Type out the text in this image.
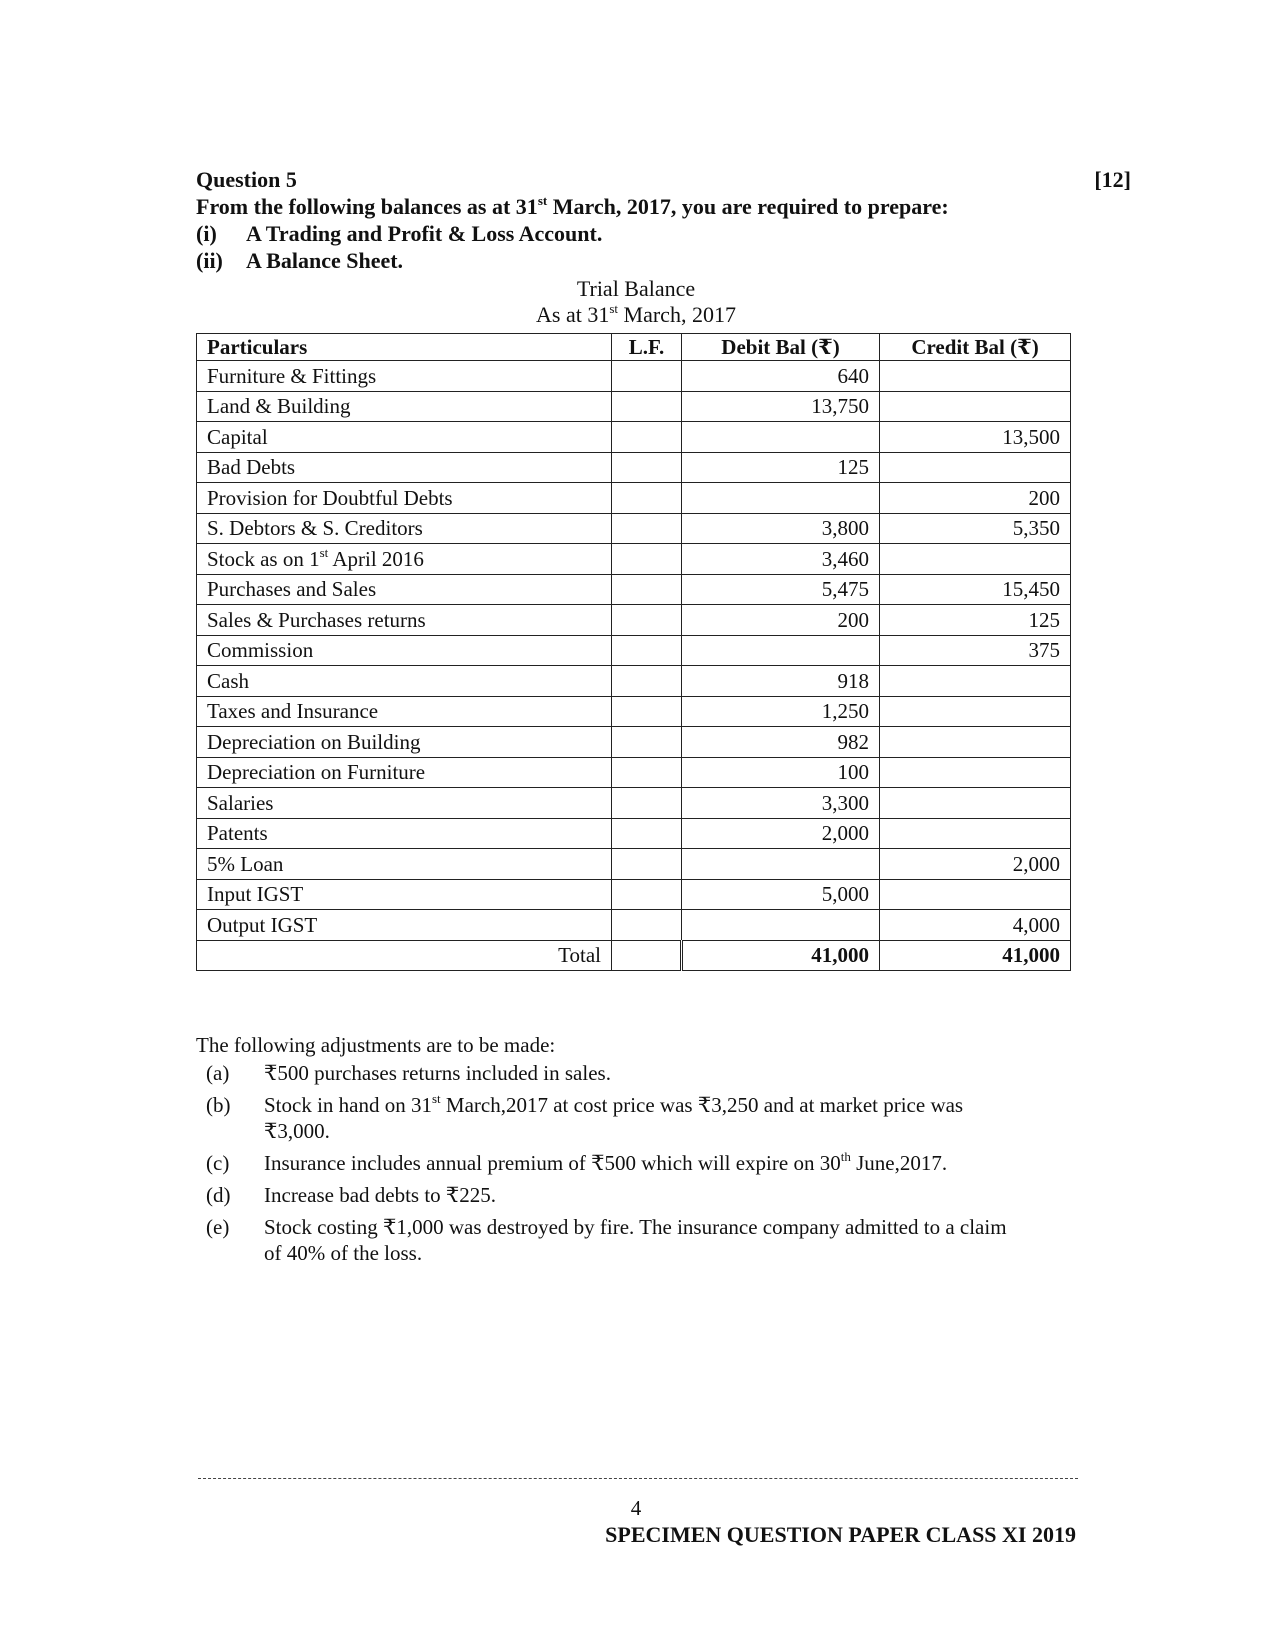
Question 5	[12]
From the following balances as at 31st March, 2017, you are required to prepare:
(i)	A Trading and Profit & Loss Account.
(ii)	A Balance Sheet.
Trial Balance
As at 31st March, 2017
Particulars	L.F.	Debit Bal (₹)	Credit Bal (₹)
Furniture & Fittings		640	
Land & Building		13,750	
Capital			13,500
Bad Debts		125	
Provision for Doubtful Debts			200
S. Debtors & S. Creditors		3,800	5,350
Stock as on 1st April 2016		3,460	
Purchases and Sales		5,475	15,450
Sales & Purchases returns		200	125
Commission			375
Cash		918	
Taxes and Insurance		1,250	
Depreciation on Building		982	
Depreciation on Furniture		100	
Salaries		3,300	
Patents		2,000	
5% Loan			2,000
Input IGST		5,000	
Output IGST			4,000
Total		41,000	41,000
The following adjustments are to be made:
(a)	₹500 purchases returns included in sales.
(b)	Stock in hand on 31st March,2017 at cost price was ₹3,250 and at market price was ₹3,000.
(c)	Insurance includes annual premium of ₹500 which will expire on 30th June,2017.
(d)	Increase bad debts to ₹225.
(e)	Stock costing ₹1,000 was destroyed by fire. The insurance company admitted to a claim of 40% of the loss.
4
SPECIMEN QUESTION PAPER CLASS XI 2019
